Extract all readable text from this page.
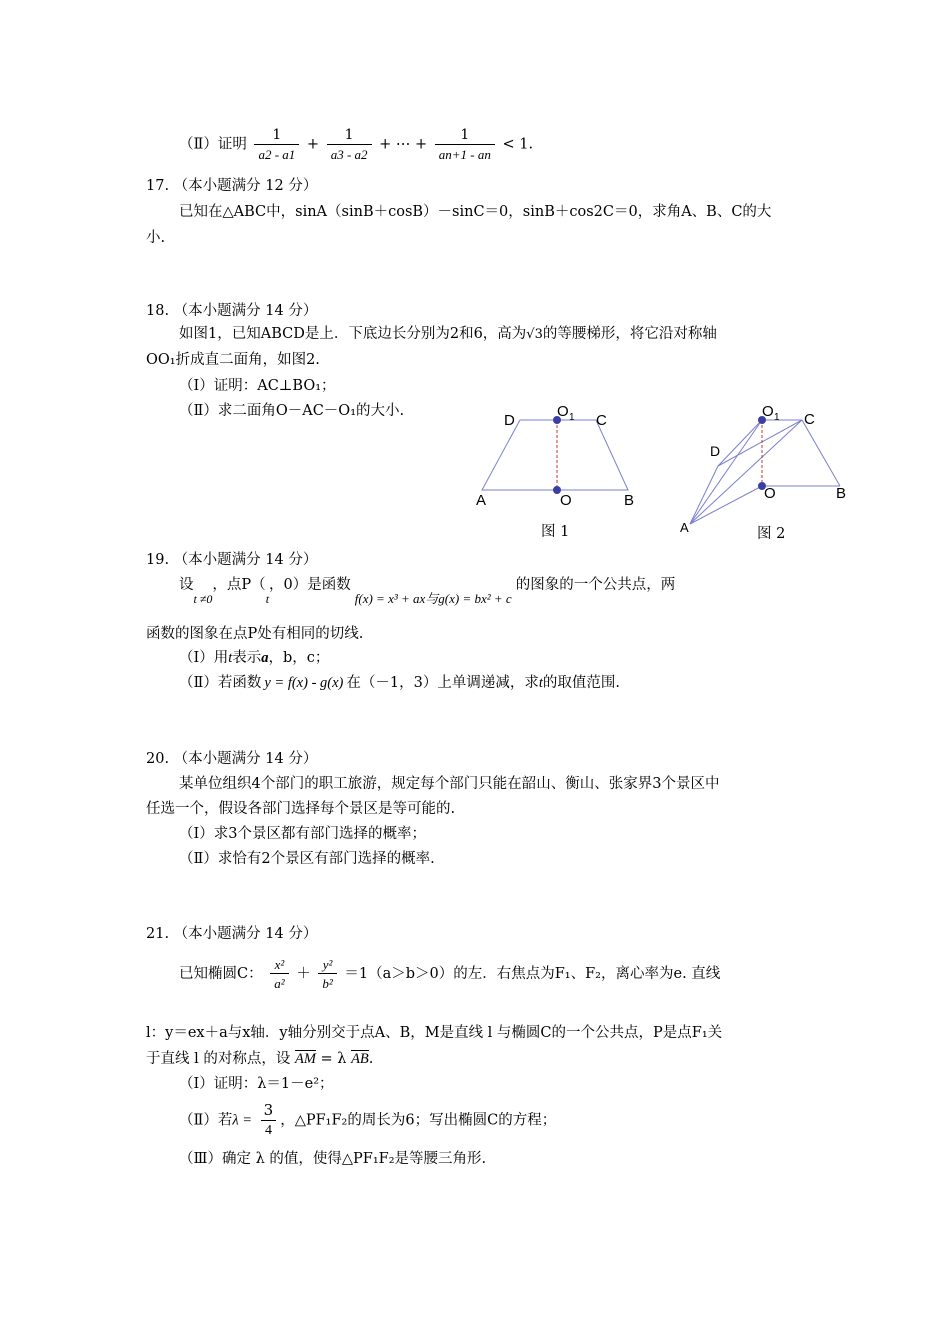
（Ⅱ）证明 $\frac{1}{a2 - a1} + \frac{1}{a3 - a2}$ + ⋯ + $\frac{1}{an+1 - an} < 1$.
17. （本小题满分 12 分）
已知在△ABC中，sinA（sinB＋cosB）－sinC＝0，sinB＋cos2C＝0，求角A、B、C的大
小.
18. （本小题满分 14 分）
如图1，已知ABCD是上．下底边长分别为2和6，高为√3的等腰梯形，将它沿对称轴
OO₁折成直二面角，如图2.
（Ⅰ）证明：AC⊥BO₁；
（Ⅱ）求二面角O－AC－O₁的大小.
D
O 1 C
A	O	B
图 1
D
O 1 C
A
O	B
图 2
19. （本小题满分 14 分）
设$_{t \ne 0}$，点$P(_t$，0）是函数f(x) = x³ + ax与g(x) = bx² + c的图象的一个公共点，两
函数的图象在点P处有相同的切线.
（Ⅰ）用t表示a，b，c；
（Ⅱ）若函数 y = f(x) - g(x) 在（－1，3）上单调递减，求t的取值范围.
20. （本小题满分 14 分）
某单位组织4个部门的职工旅游，规定每个部门只能在韶山、衡山、张家界3个景区中
任选一个，假设各部门选择每个景区是等可能的.
（Ⅰ）求3个景区都有部门选择的概率；
（Ⅱ）求恰有2个景区有部门选择的概率.
21. （本小题满分 14 分）
已知椭圆C： $\frac{\text{x²}}{\text{a²}} + \frac{\text{y²}}{\text{b²}} =1(a>b>0)$的左．右焦点为F₁、F₂，离心率为e. 直线
l：y＝ex＋a与x轴．y轴分别交于点A、B，M是直线 l 与椭圆C的一个公共点，P是点F₁关
于直线 l 的对称点，设 AM = λ AB.
（Ⅰ）证明：λ＝1－e²；
（Ⅱ）若$\lambda = \frac{3}{4}$ ，△PF₁F₂的周长为6；写出椭圆C的方程；
（Ⅲ）确定 λ 的值，使得△PF₁F₂是等腰三角形.
